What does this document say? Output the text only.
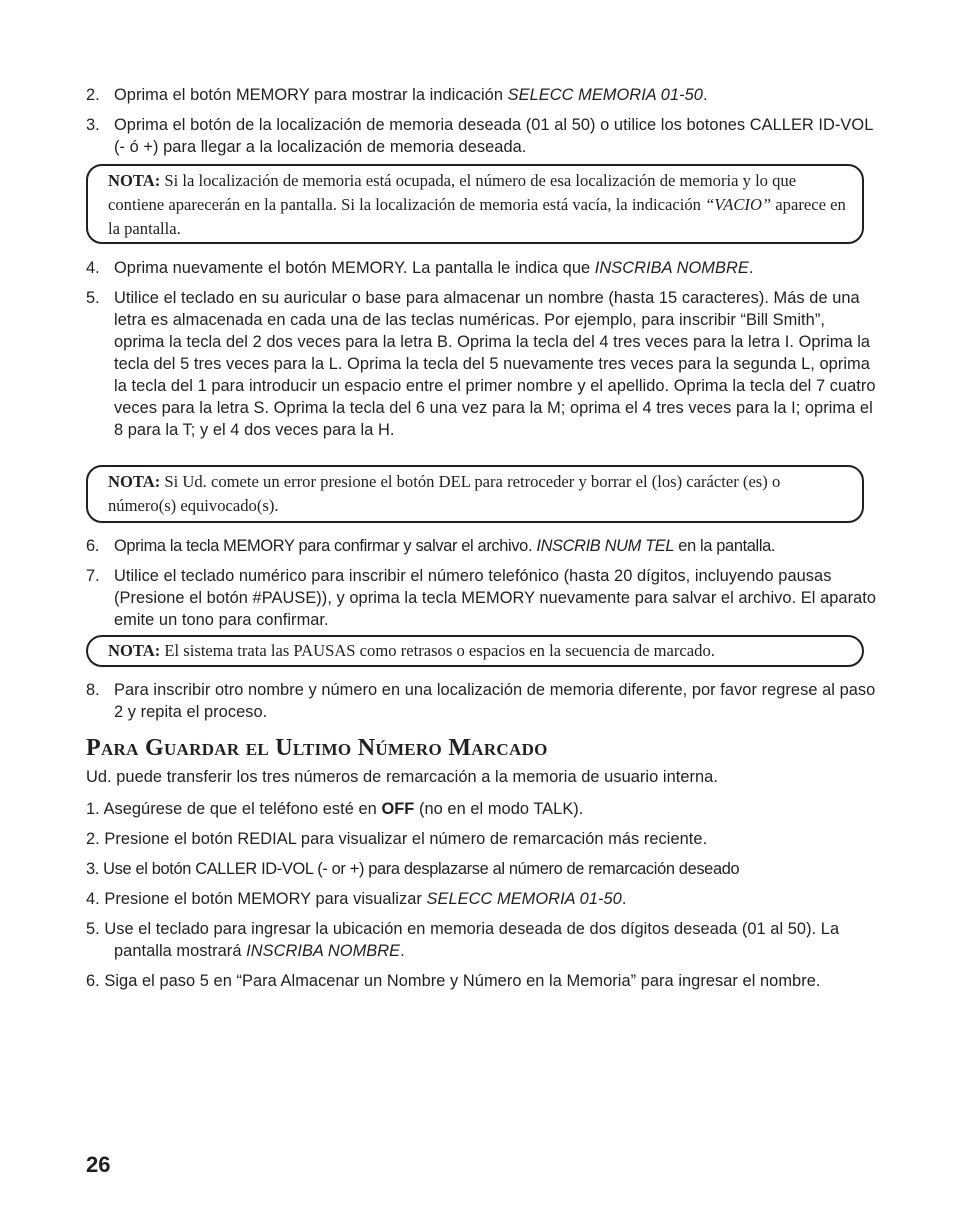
2. Oprima el botón MEMORY para mostrar la indicación SELECC MEMORIA 01-50.
3. Oprima el botón de la localización de memoria deseada (01 al 50) o utilice los botones CALLER ID-VOL (- ó +) para llegar a la localización de memoria deseada.
NOTA: Si la localización de memoria está ocupada, el número de esa localización de memoria y lo que contiene aparecerán en la pantalla. Si la localización de memoria está vacía, la indicación “VACIO” aparece en la pantalla.
4. Oprima nuevamente el botón MEMORY. La pantalla le indica que INSCRIBA NOMBRE.
5. Utilice el teclado en su auricular o base para almacenar un nombre (hasta 15 caracteres). Más de una letra es almacenada en cada una de las teclas numéricas. Por ejemplo, para inscribir “Bill Smith”, oprima la tecla del 2 dos veces para la letra B. Oprima la tecla del 4 tres veces para la letra I. Oprima la tecla del 5 tres veces para la L. Oprima la tecla del 5 nuevamente tres veces para la segunda L, oprima la tecla del 1 para introducir un espacio entre el primer nombre y el apellido. Oprima la tecla del 7 cuatro veces para la letra S. Oprima la tecla del 6 una vez para la M; oprima el 4 tres veces para la I; oprima el 8 para la T; y el 4 dos veces para la H.
NOTA: Si Ud. comete un error presione el botón DEL para retroceder y borrar el (los) carácter (es) o número(s) equivocado(s).
6. Oprima la tecla MEMORY para confirmar y salvar el archivo. INSCRIB NUM TEL en la pantalla.
7. Utilice el teclado numérico para inscribir el número telefónico (hasta 20 dígitos, incluyendo pausas (Presione el botón #PAUSE)), y oprima la tecla MEMORY nuevamente para salvar el archivo. El aparato emite un tono para confirmar.
NOTA: El sistema trata las PAUSAS como retrasos o espacios en la secuencia de marcado.
8. Para inscribir otro nombre y número en una localización de memoria diferente, por favor regrese al paso 2 y repita el proceso.
Para Guardar el Ultimo Número Marcado
Ud. puede transferir los tres números de remarcación a la memoria de usuario interna.
1. Asegúrese de que el teléfono esté en OFF (no en el modo TALK).
2. Presione el botón REDIAL para visualizar el número de remarcación más reciente.
3. Use el botón CALLER ID-VOL (- or +) para desplazarse al número de remarcación deseado
4. Presione el botón MEMORY para visualizar SELECC MEMORIA 01-50.
5. Use el teclado para ingresar la ubicación en memoria deseada de dos dígitos deseada (01 al 50). La pantalla mostrará INSCRIBA NOMBRE.
6. Siga el paso 5 en “Para Almacenar un Nombre y Número en la Memoria” para ingresar el nombre.
26
